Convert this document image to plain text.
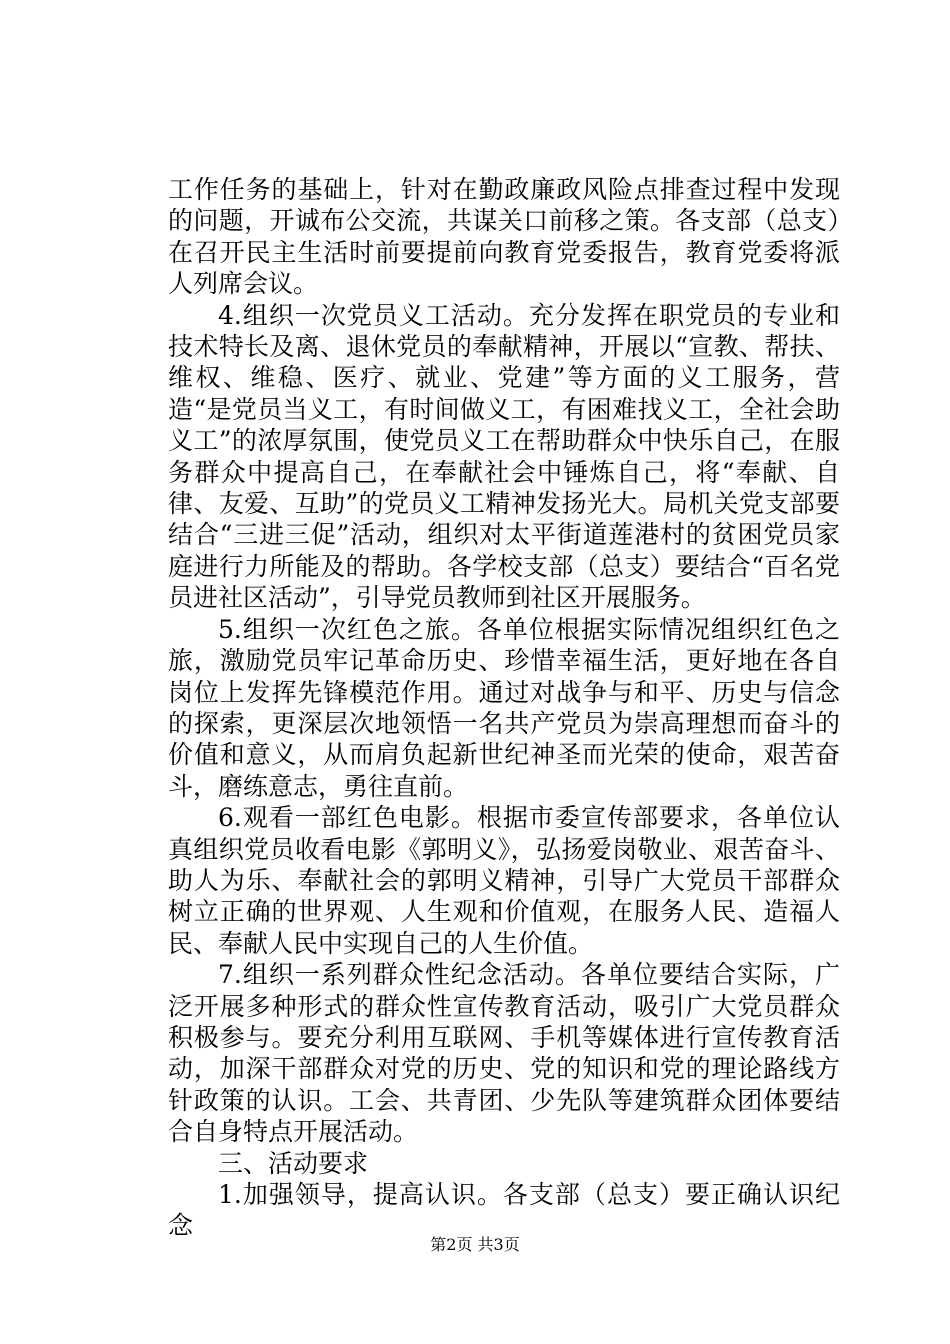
工作任务的基础上，针对在勤政廉政风险点排查过程中发现的问题，开诚布公交流，共谋关口前移之策。各支部（总支）在召开民主生活时前要提前向教育党委报告，教育党委将派人列席会议。

4.组织一次党员义工活动。充分发挥在职党员的专业和技术特长及离、退休党员的奉献精神，开展以“宣教、帮扶、维权、维稳、医疗、就业、党建”等方面的义工服务，营造“是党员当义工，有时间做义工，有困难找义工，全社会助义工”的浓厚氛围，使党员义工在帮助群众中快乐自己，在服务群众中提高自己，在奉献社会中锤炼自己，将“奉献、自律、友爱、互助”的党员义工精神发扬光大。局机关党支部要结合“三进三促”活动，组织对太平街道莲港村的贫困党员家庭进行力所能及的帮助。各学校支部（总支）要结合“百名党员进社区活动”，引导党员教师到社区开展服务。

5.组织一次红色之旅。各单位根据实际情况组织红色之旅，激励党员牢记革命历史、珍惜幸福生活，更好地在各自岗位上发挥先锋模范作用。通过对战争与和平、历史与信念的探索，更深层次地领悟一名共产党员为崇高理想而奋斗的价值和意义，从而肩负起新世纪神圣而光荣的使命，艰苦奋斗，磨练意志，勇往直前。

6.观看一部红色电影。根据市委宣传部要求，各单位认真组织党员收看电影《郭明义》，弘扬爱岗敬业、艰苦奋斗、助人为乐、奉献社会的郭明义精神，引导广大党员干部群众树立正确的世界观、人生观和价值观，在服务人民、造福人民、奉献人民中实现自己的人生价值。

7.组织一系列群众性纪念活动。各单位要结合实际，广泛开展多种形式的群众性宣传教育活动，吸引广大党员群众积极参与。要充分利用互联网、手机等媒体进行宣传教育活动，加深干部群众对党的历史、党的知识和党的理论路线方针政策的认识。工会、共青团、少先队等建筑群众团体要结合自身特点开展活动。

三、活动要求

1.加强领导，提高认识。各支部（总支）要正确认识纪念

第2页 共3页
